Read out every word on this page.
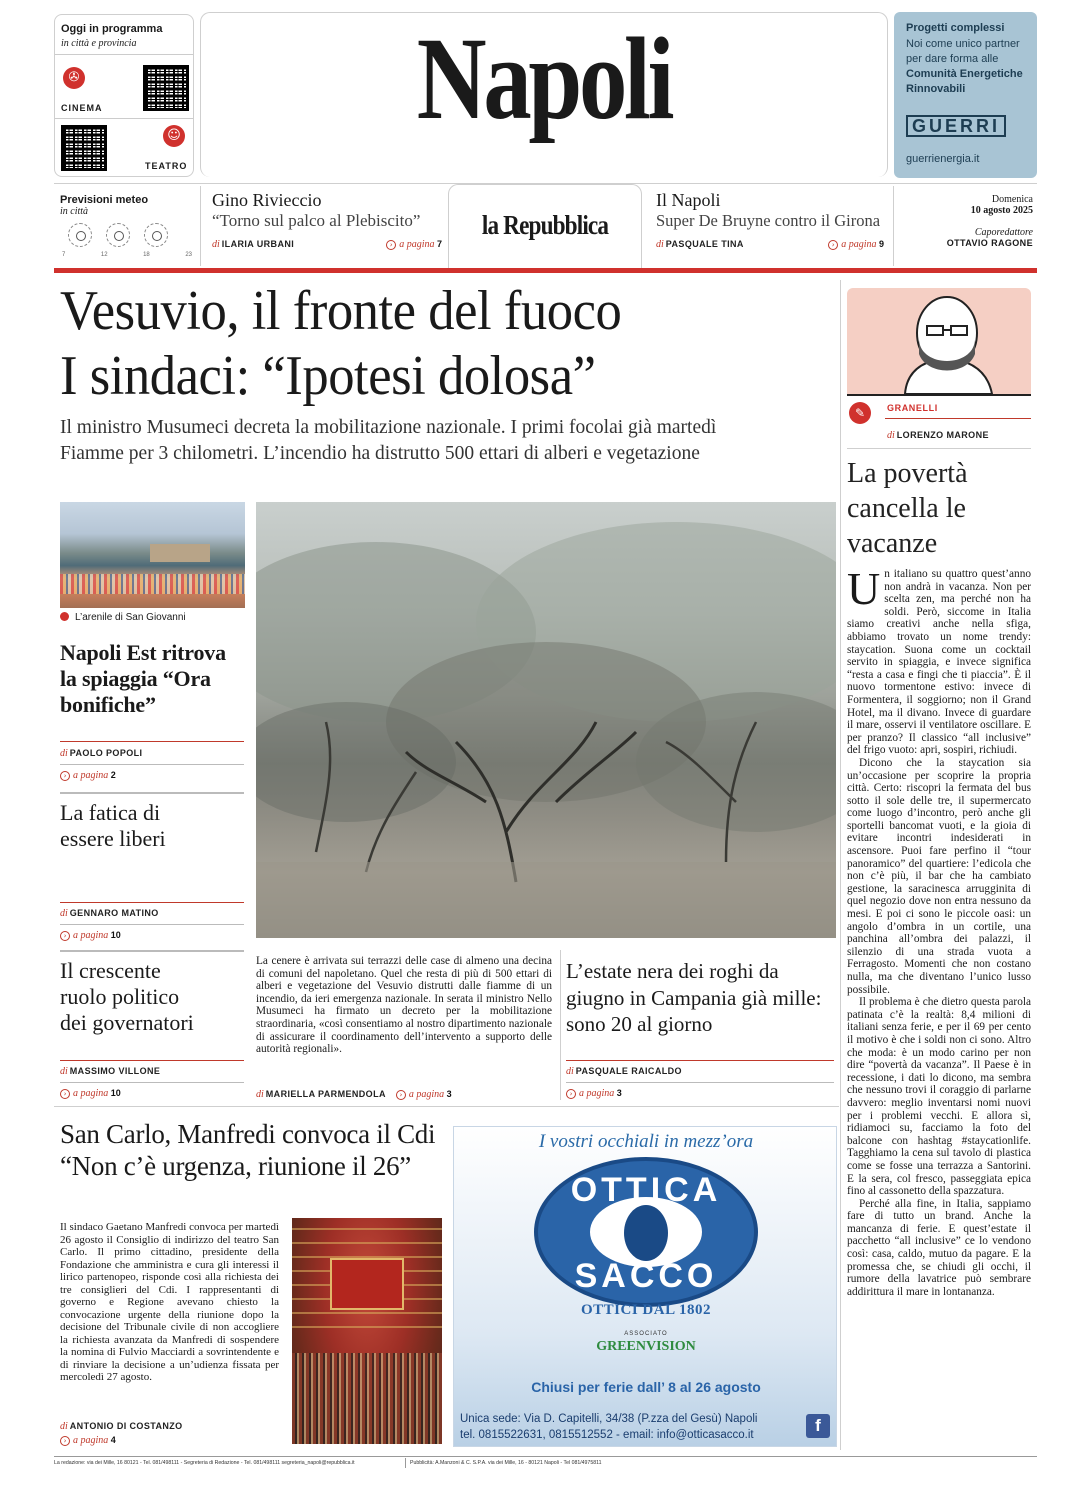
Oggi in programma
in città e provincia
✇
CINEMA
☺
TEATRO
Napoli	Progetti complessi
Noi come unico partner
per dare forma alle
Comunità Energetiche
Rinnovabili
GUERRI
guerrienergia.it
Previsioni meteo
in città
7	12	18	23
Gino Rivieccio
“Torno sul palco al Plebiscito”
di ILARIA URBANI	› a pagina 7
la Repubblica
Il Napoli
Super De Bruyne contro il Girona
di PASQUALE TINA	› a pagina 9
Domenica
10 agosto 2025
Caporedattore
OTTAVIO RAGONE
Vesuvio, il fronte del fuoco
I sindaci: “Ipotesi dolosa”
Il ministro Musumeci decreta la mobilitazione nazionale. I primi focolai già martedì
Fiamme per 3 chilometri. L’incendio ha distrutto 500 ettari di alberi e vegetazione
L’arenile di San Giovanni
Napoli Est ritrova la spiaggia “Ora bonifiche”
di PAOLO POPOLI
› a pagina 2
La fatica di essere liberi
di GENNARO MATINO
› a pagina 10
Il crescente ruolo politico dei governatori
di MASSIMO VILLONE
› a pagina 10
La cenere è arrivata sui terrazzi delle case di almeno una decina di comuni del napoletano. Quel che resta di più di 500 ettari di alberi e vegetazione del Vesuvio distrutti dalle fiamme di un incendio, da ieri emergenza nazionale. In serata il ministro Nello Musumeci ha firmato un decreto per la mobilitazione straordinaria, «così consentiamo al nostro dipartimento nazionale di assicurare il coordinamento dell’intervento a supporto delle autorità regionali».
di MARIELLA PARMENDOLA	› a pagina 3
L’estate nera dei roghi da giugno in Campania già mille: sono 20 al giorno
di PASQUALE RAICALDO
› a pagina 3
San Carlo, Manfredi convoca il Cdi
“Non c’è urgenza, riunione il 26”
Il sindaco Gaetano Manfredi convoca per martedì 26 agosto il Consiglio di indirizzo del teatro San Carlo. Il primo cittadino, presidente della Fondazione che amministra e cura gli interessi il lirico partenopeo, risponde così alla richiesta dei tre consiglieri del Cdi. I rappresentanti di governo e Regione avevano chiesto la convocazione urgente della riunione dopo la decisione del Tribunale civile di non accogliere la richiesta avanzata da Manfredi di sospendere la nomina di Fulvio Macciardi a sovrintendente e di rinviare la decisione a un’udienza fissata per mercoledì 27 agosto.
di ANTONIO DI COSTANZO
› a pagina 4
I vostri occhiali in mezz’ora
OTTICA
SACCO
OTTICI DAL 1802
ASSOCIATO
GREENVISION
Chiusi per ferie dall’ 8 al 26 agosto
Unica sede: Via D. Capitelli, 34/38 (P.zza del Gesù) Napoli
tel. 0815522631, 0815512552 - email: info@otticasacco.it	f
✎	GRANELLI
di LORENZO MARONE
La povertà cancella le vacanze
Un italiano su quattro quest’anno non andrà in vacanza. Non per scelta zen, ma perché non ha soldi. Però, siccome in Italia siamo creativi anche nella sfiga, abbiamo trovato un nome trendy: staycation. Suona come un cocktail servito in spiaggia, e invece significa “resta a casa e fingi che ti piaccia”. È il nuovo tormentone estivo: invece di Formentera, il soggiorno; non il Grand Hotel, ma il divano. Invece di guardare il mare, osservi il ventilatore oscillare. E per pranzo? Il classico “all inclusive” del frigo vuoto: apri, sospiri, richiudi.
Dicono che la staycation sia un’occasione per scoprire la propria città. Certo: riscopri la fermata del bus sotto il sole delle tre, il supermercato come luogo d’incontro, però anche gli sportelli bancomat vuoti, e la gioia di evitare incontri indesiderati in ascensore. Puoi fare perfino il “tour panoramico” del quartiere: l’edicola che non c’è più, il bar che ha cambiato gestione, la saracinesca arrugginita di quel negozio dove non entra nessuno da mesi. E poi ci sono le piccole oasi: un angolo d’ombra in un cortile, una panchina all’ombra dei palazzi, il silenzio di una strada vuota a Ferragosto. Momenti che non costano nulla, ma che diventano l’unico lusso possibile.
Il problema è che dietro questa parola patinata c’è la realtà: 8,4 milioni di italiani senza ferie, e per il 69 per cento il motivo è che i soldi non ci sono. Altro che moda: è un modo carino per non dire “povertà da vacanza”. Il Paese è in recessione, i dati lo dicono, ma sembra che nessuno trovi il coraggio di parlarne davvero: meglio inventarsi nomi nuovi per i problemi vecchi. E allora sì, ridiamoci su, facciamo la foto del balcone con hashtag #staycationlife. Tagghiamo la cena sul tavolo di plastica come se fosse una terrazza a Santorini. E la sera, col fresco, passeggiata epica fino al cassonetto della spazzatura.
Perché alla fine, in Italia, sappiamo fare di tutto un brand. Anche la mancanza di ferie. E quest’estate il pacchetto “all inclusive” ce lo vendono così: casa, caldo, mutuo da pagare. E la promessa che, se chiudi gli occhi, il rumore della lavatrice può sembrare addirittura il mare in lontananza.
La redazione: via dei Mille, 16 80121 - Tel. 081/498111 - Segreteria di Redazione - Tel. 081/498111 segreteria_napoli@repubblica.it	Pubblicità: A.Manzoni & C. S.P.A. via dei Mille, 16 - 80121 Napoli - Tel 081/4975811
